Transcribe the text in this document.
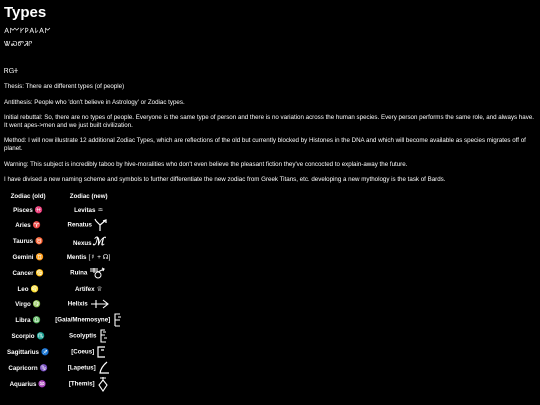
Types
𐌀𐌌𐌖𐌓𐌀𐌋𐌀𐌍
ᏔᏍᏛᏘᎵ
ᏒᏀᏐ

Thesis: There are different types (of people)

Antithesis: People who 'don't believe in Astrology' or Zodiac types.

Initial rebuttal: So, there are no types of people. Everyone is the same type of person and there is no variation across the human species. Every person performs the same role, and always have. It went apes->men and we just built civilization.

Method: I will now illustrate 12 additional Zodiac Types, which are reflections of the old but currently blocked by Histones in the DNA and which will become available as species migrates off of planet.

Warning: This subject is incredibly taboo by hive-moralities who don't even believe the pleasant fiction they've concocted to explain-away the future.

I have divised a new naming scheme and symbols to further differentiate the new zodiac from Greek Titans, etc. developing a new mythology is the task of Bards.

Zodiac (old)	Zodiac (new)
Pisces ♓	Levitas ♒︎
Aries ♈	Renatus

Taurus ♉	Nexusℳ
Gemini ♊	Mentis [☿ + ☊]
Cancer ♋	Ruina

Leo ♌	Artifex ♕
Virgo ♍	Helixis

Libra ♎	[Gaia/Mnemosyne]

Scorpio ♏	Scolyptis

Sagittarius ♐	[Coeus]

Capricorn ♑	[Lapetus]

Aquarius ♒	[Themis]
